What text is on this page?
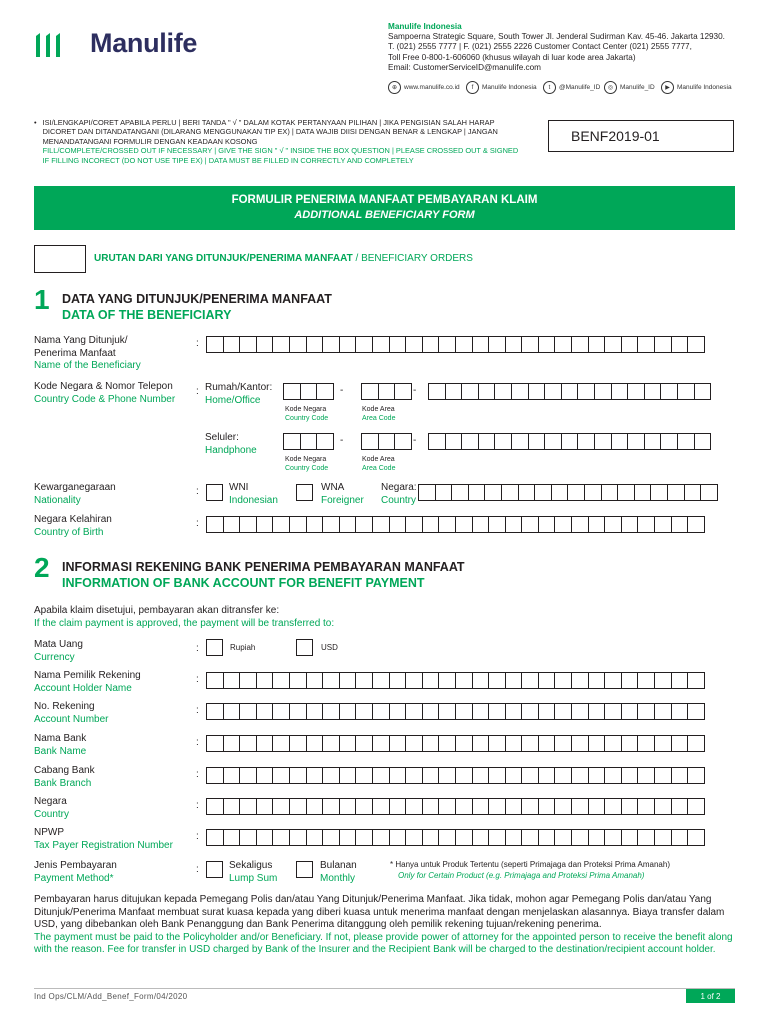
Manulife
Manulife Indonesia
Sampoerna Strategic Square, South Tower Jl. Jenderal Sudirman Kav. 45-46. Jakarta 12930.
T. (021) 2555 7777 | F. (021) 2555 2226 Customer Contact Center (021) 2555 7777,
Toll Free 0-800-1-606060 (khusus wilayah di luar kode area Jakarta)
Email: CustomerServiceID@manulife.com
⊕	www.manulife.co.id	f	Manulife Indonesia	t	@Manulife_ID	◎	Manulife_ID	▶	Manulife Indonesia
• ISI/LENGKAPI/CORET APABILA PERLU | BERI TANDA " √ " DALAM KOTAK PERTANYAAN PILIHAN | JIKA PENGISIAN SALAH HARAP DICORET DAN DITANDATANGANI (DILARANG MENGGUNAKAN TIP EX) | DATA WAJIB DIISI DENGAN BENAR & LENGKAP | JANGAN MENANDATANGANI FORMULIR DENGAN KEADAAN KOSONG
FILL/COMPLETE/CROSSED OUT IF NECESSARY | GIVE THE SIGN " √ " INSIDE THE BOX QUESTION | PLEASE CROSSED OUT & SIGNED IF FILLING INCORECT (DO NOT USE TIPE EX) | DATA MUST BE FILLED IN CORRECTLY AND COMPLETELY
BENF2019-01
FORMULIR PENERIMA MANFAAT PEMBAYARAN KLAIM
ADDITIONAL BENEFICIARY FORM
URUTAN DARI YANG DITUNJUK/PENERIMA MANFAAT / BENEFICIARY ORDERS
1 DATA YANG DITUNJUK/PENERIMA MANFAAT
DATA OF THE BENEFICIARY
Nama Yang Ditunjuk/
Penerima Manfaat
Name of the Beneficiary
:
Kode Negara & Nomor Telepon
Country Code & Phone Number
: Rumah/Kantor:
Home/Office
-	-
Kode Negara
Country Code
Kode Area
Area Code
Seluler:
Handphone
-	-
Kode Negara
Country Code
Kode Area
Area Code
Kewarganegaraan
Nationality
:	WNI
Indonesian
WNA
Foreigner
Negara:
Country
Negara Kelahiran
Country of Birth
:
2 INFORMASI REKENING BANK PENERIMA PEMBAYARAN MANFAAT
INFORMATION OF BANK ACCOUNT FOR BENEFIT PAYMENT
Apabila klaim disetujui, pembayaran akan ditransfer ke:
If the claim payment is approved, the payment will be transferred to:
Mata Uang
Currency
:	Rupiah	USD
Nama Pemilik Rekening
Account Holder Name
:
No. Rekening
Account Number
:
Nama Bank
Bank Name
:
Cabang Bank
Bank Branch
:
Negara
Country
:
NPWP
Tax Payer Registration Number
:
Jenis Pembayaran
Payment Method*
:	Sekaligus
Lump Sum
Bulanan
Monthly
* Hanya untuk Produk Tertentu (seperti Primajaga dan Proteksi Prima Amanah)
Only for Certain Product (e.g. Primajaga and Proteksi Prima Amanah)
Pembayaran harus ditujukan kepada Pemegang Polis dan/atau Yang Ditunjuk/Penerima Manfaat. Jika tidak, mohon agar Pemegang Polis dan/atau Yang Ditunjuk/Penerima Manfaat membuat surat kuasa kepada yang diberi kuasa untuk menerima manfaat dengan menjelaskan alasannya. Biaya transfer dalam USD, yang dibebankan oleh Bank Penanggung dan Bank Penerima ditanggung oleh pemilik rekening tujuan/rekening penerima.
The payment must be paid to the Policyholder and/or Beneficiary. If not, please provide power of attorney for the appointed person to receive the benefit along with the reason. Fee for transfer in USD charged by Bank of the Insurer and the Recipient Bank will be charged to the destination/recipient account holder.
Ind Ops/CLM/Add_Benef_Form/04/2020	1 of 2
